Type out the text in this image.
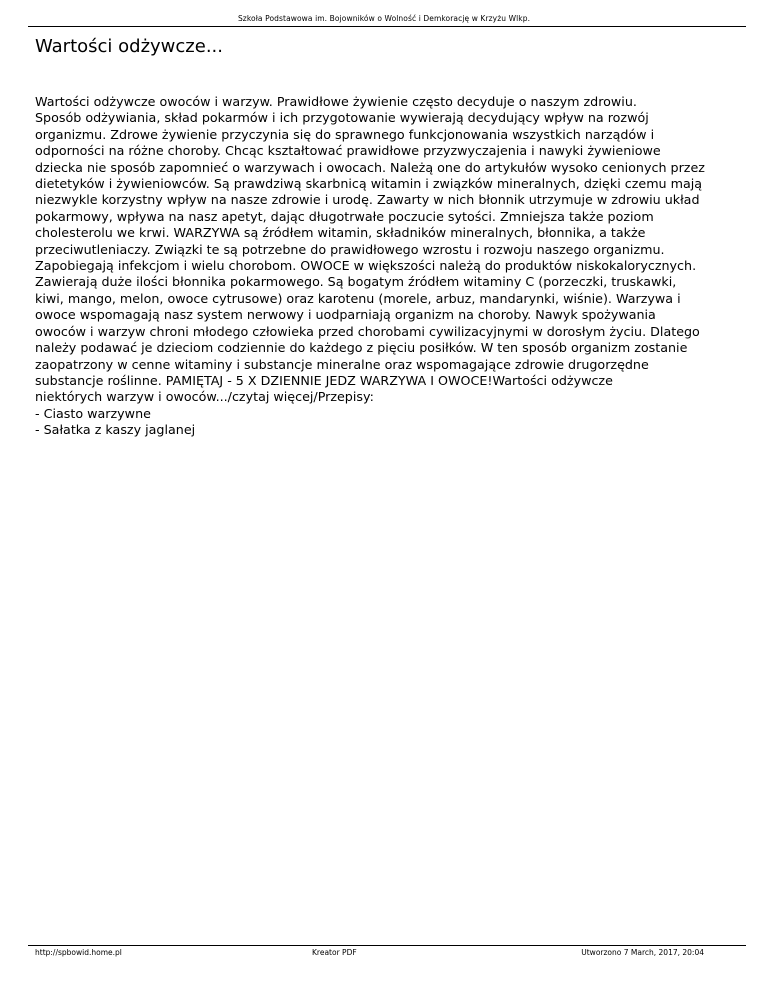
Szkoła Podstawowa im. Bojowników o Wolność i Demkorację w Krzyżu Wlkp.
Wartości odżywcze...

Wartości odżywcze owoców i warzyw. Prawidłowe żywienie często decyduje o naszym zdrowiu.
Sposób odżywiania, skład pokarmów i ich przygotowanie wywierają decydujący wpływ na rozwój
organizmu. Zdrowe żywienie przyczynia się do sprawnego funkcjonowania wszystkich narządów i
odporności na różne choroby. Chcąc kształtować prawidłowe przyzwyczajenia i nawyki żywieniowe
dziecka nie sposób zapomnieć o warzywach i owocach. Należą one do artykułów wysoko cenionych przez
dietetyków i żywieniowców. Są prawdziwą skarbnicą witamin i związków mineralnych, dzięki czemu mają
niezwykle korzystny wpływ na nasze zdrowie i urodę. Zawarty w nich błonnik utrzymuje w zdrowiu układ
pokarmowy, wpływa na nasz apetyt, dając długotrwałe poczucie sytości. Zmniejsza także poziom
cholesterolu we krwi. WARZYWA są źródłem witamin, składników mineralnych, błonnika, a także
przeciwutleniaczy. Związki te są potrzebne do prawidłowego wzrostu i rozwoju naszego organizmu.
Zapobiegają infekcjom i wielu chorobom. OWOCE w większości należą do produktów niskokalorycznych.
Zawierają duże ilości błonnika pokarmowego. Są bogatym źródłem witaminy C (porzeczki, truskawki,
kiwi, mango, melon, owoce cytrusowe) oraz karotenu (morele, arbuz, mandarynki, wiśnie). Warzywa i
owoce wspomagają nasz system nerwowy i uodparniają organizm na choroby. Nawyk spożywania
owoców i warzyw chroni młodego człowieka przed chorobami cywilizacyjnymi w dorosłym życiu. Dlatego
należy podawać je dzieciom codziennie do każdego z pięciu posiłków. W ten sposób organizm zostanie
zaopatrzony w cenne witaminy i substancje mineralne oraz wspomagające zdrowie drugorzędne
substancje roślinne. PAMIĘTAJ - 5 X DZIENNIE JEDZ WARZYWA I OWOCE!Wartości odżywcze
niektórych warzyw i owoców.../czytaj więcej/Przepisy:

- Ciasto warzywne
- Sałatka z kaszy jaglanej
http://spbowid.home.pl	Kreator PDF	Utworzono 7 March, 2017, 20:04
